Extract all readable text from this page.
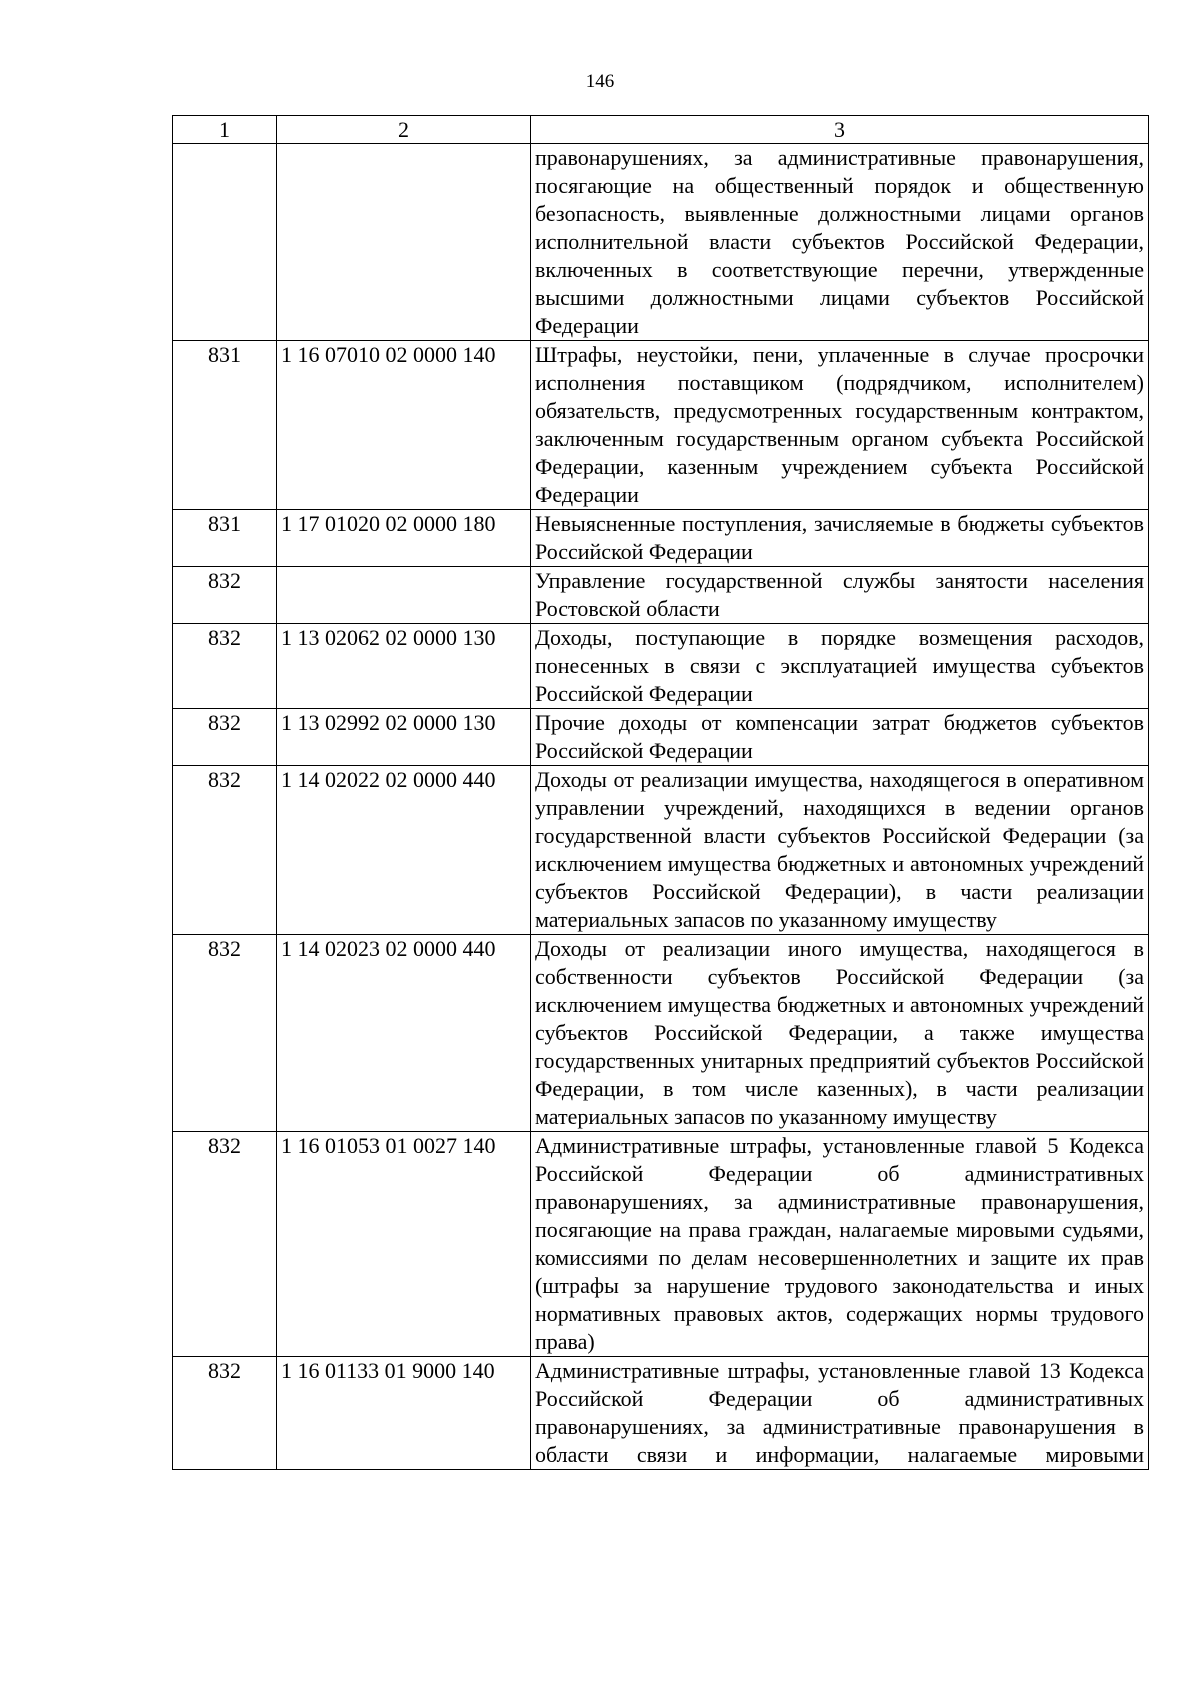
146
1	2	3
		правонарушениях, за административные правонарушения, посягающие на общественный порядок и общественную безопасность, выявленные должностными лицами органов исполнительной власти субъектов Российской Федерации, включенных в соответствующие перечни, утвержденные высшими должностными лицами субъектов Российской Федерации
831	1 16 07010 02 0000 140	Штрафы, неустойки, пени, уплаченные в случае просрочки исполнения поставщиком (подрядчиком, исполнителем) обязательств, предусмотренных государственным контрактом, заключенным государственным органом субъекта Российской Федерации, казенным учреждением субъекта Российской Федерации
831	1 17 01020 02 0000 180	Невыясненные поступления, зачисляемые в бюджеты субъектов Российской Федерации
832		Управление государственной службы занятости населения Ростовской области
832	1 13 02062 02 0000 130	Доходы, поступающие в порядке возмещения расходов, понесенных в связи с эксплуатацией имущества субъектов Российской Федерации
832	1 13 02992 02 0000 130	Прочие доходы от компенсации затрат бюджетов субъектов Российской Федерации
832	1 14 02022 02 0000 440	Доходы от реализации имущества, находящегося в оперативном управлении учреждений, находящихся в ведении органов государственной власти субъектов Российской Федерации (за исключением имущества бюджетных и автономных учреждений субъектов Российской Федерации), в части реализации материальных запасов по указанному имуществу
832	1 14 02023 02 0000 440	Доходы от реализации иного имущества, находящегося в собственности субъектов Российской Федерации (за исключением имущества бюджетных и автономных учреждений субъектов Российской Федерации, а также имущества государственных унитарных предприятий субъектов Российской Федерации, в том числе казенных), в части реализации материальных запасов по указанному имуществу
832	1 16 01053 01 0027 140	Административные штрафы, установленные главой 5 Кодекса Российской Федерации об административных правонарушениях, за административные правонарушения, посягающие на права граждан, налагаемые мировыми судьями, комиссиями по делам несовершеннолетних и защите их прав (штрафы за нарушение трудового законодательства и иных нормативных правовых актов, содержащих нормы трудового права)
832	1 16 01133 01 9000 140	Административные штрафы, установленные главой 13 Кодекса Российской Федерации об административных правонарушениях, за административные правонарушения в области связи и информации, налагаемые мировыми
